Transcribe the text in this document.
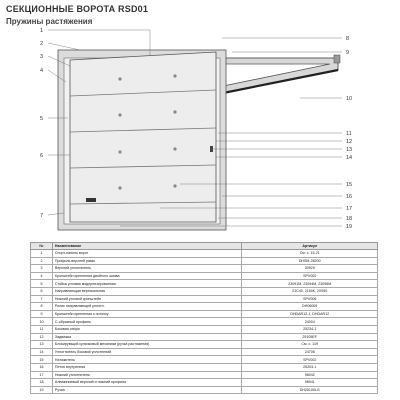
СЕКЦИОННЫЕ ВОРОТА RSD01
Пружины растяжения
1
2
3
4
5
6
7
8
9
10
11
12
13
14
15
16
17
18
19
№	Наименование	Артикул
1	Спорт-панель ворот	См. с. 15-21
2	Профиль верхней рамы	DHSM-28200
3	Верхний уплотнитель	30929
4	Кронштейн крепления двойного шкива	SPV002
5	Стойка угловая модернизированная	23091М, 23094М, 23096М
6	Направляющая вертикальная	21С40, 2160К, 2Х050
7	Нижний угловой кронштейн	SPV006
8	Ролик направляющей уплотн.	DH06009
9	Кронштейн крепления к потолку	DHDAR12-1, DHDAR12
10	С-образный профиль	24004
11	Боковая опора	25234-1
12	Задвижка	25105ЕF
13	Блокирующий кулачковый механизм (ручка растяжения)	См. с. 119
14	Уплотнитель боковой уплотнений	24706
15	Натяжитель	SPV002
16	Петля внутренняя	25203-1
17	Нижний уплотнитель	98042
18	Алюминиевый верхний и нижний профиля	98041
19	Ручка	DH25100LG
